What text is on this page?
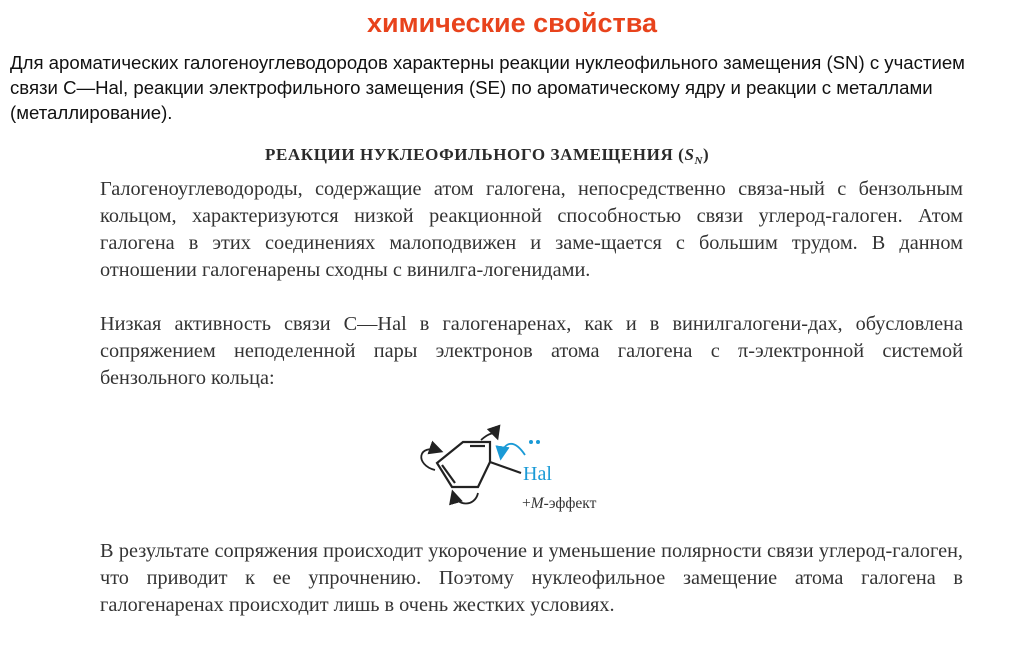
химические свойства
Для ароматических галогеноуглеводородов характерны реакции нуклеофильного замещения (SN) с участием связи C—Hal, реакции электрофильного замещения (SE) по ароматическому ядру и реакции с металлами (металлирование).
РЕАКЦИИ НУКЛЕОФИЛЬНОГО ЗАМЕЩЕНИЯ $(S_N)$
Галогеноуглеводороды, содержащие атом галогена, непосредственно связа-ный с бензольным кольцом, характеризуются низкой реакционной способностью связи углерод-галоген. Атом галогена в этих соединениях малоподвижен и заме-щается с большим трудом. В данном отношении галогенарены сходны с винилга-логенидами.
Низкая активность связи C—Hal в галогенаренах, как и в винилгалогени-дах, обусловлена сопряжением неподеленной пары электронов атома галогена с π-электронной системой бензольного кольца:
Hal
+M-эффект
В результате сопряжения происходит укорочение и уменьшение полярности связи углерод-галоген, что приводит к ее упрочнению. Поэтому нуклеофильное замещение атома галогена в галогенаренах происходит лишь в очень жестких условиях.
